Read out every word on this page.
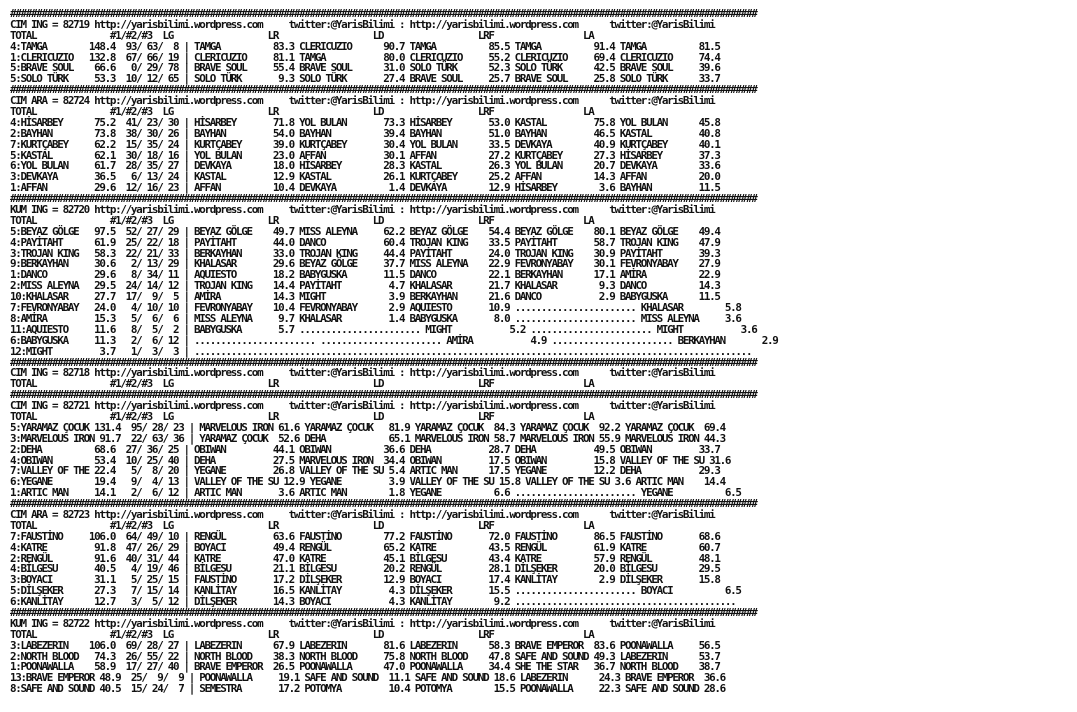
##############################################################################################################################################
CIM ING = 82719 http://yarisbilimi.wordpress.com     twitter:@YarisBilimi : http://yarisbilimi.wordpress.com      twitter:@YarisBilimi
TOTAL              #1/#2/#3  LG                  LR                  LD                  LRF                 LA
4:TAMGA        148.4  93/ 63/  8 | TAMGA          83.3 CLERICUZIO      90.7 TAMGA          85.5 TAMGA          91.4 TAMGA          81.5
1:CLERICUZIO   132.8  67/ 66/ 19 | CLERICUZIO     81.1 TAMGA           80.0 CLERICUZIO     55.2 CLERICUZIO     69.4 CLERICUZIO     74.4
5:BRAVE SOUL    66.6   0/ 29/ 78 | BRAVE SOUL     55.4 BRAVE SOUL      31.0 SOLO TÜRK      52.3 SOLO TÜRK      42.5 BRAVE SOUL     39.6
5:SOLO TÜRK     53.3  10/ 12/ 65 | SOLO TÜRK       9.3 SOLO TÜRK       27.4 BRAVE SOUL     25.7 BRAVE SOUL     25.8 SOLO TÜRK      33.7
##############################################################################################################################################
CIM ARA = 82724 http://yarisbilimi.wordpress.com     twitter:@YarisBilimi : http://yarisbilimi.wordpress.com      twitter:@YarisBilimi
TOTAL              #1/#2/#3  LG                  LR                  LD                  LRF                 LA
4:HİSARBEY      75.2  41/ 23/ 30 | HİSARBEY       71.8 YOL BULAN       73.3 HİSARBEY       53.0 KASTAL         75.8 YOL BULAN      45.8
2:BAYHAN        73.8  38/ 30/ 26 | BAYHAN         54.0 BAYHAN          39.4 BAYHAN         51.0 BAYHAN         46.5 KASTAL         40.8
7:KURTÇABEY     62.2  15/ 35/ 24 | KURTÇABEY      39.0 KURTÇABEY       30.4 YOL BULAN      33.5 DEVKAYA        40.9 KURTÇABEY      40.1
5:KASTAL        62.1  30/ 18/ 16 | YOL BULAN      23.0 AFFAN           30.1 AFFAN          27.2 KURTÇABEY      27.3 HİSARBEY       37.3
6:YOL BULAN     61.7  28/ 35/ 27 | DEVKAYA        18.0 HİSARBEY        28.3 KASTAL         26.3 YOL BULAN      20.7 DEVKAYA        33.6
3:DEVKAYA       36.5   6/ 13/ 24 | KASTAL         12.9 KASTAL          26.1 KURTÇABEY      25.2 AFFAN          14.3 AFFAN          20.0
1:AFFAN         29.6  12/ 16/ 23 | AFFAN          10.4 DEVKAYA          1.4 DEVKAYA        12.9 HİSARBEY        3.6 BAYHAN         11.5
##############################################################################################################################################
KUM ING = 82720 http://yarisbilimi.wordpress.com     twitter:@YarisBilimi : http://yarisbilimi.wordpress.com      twitter:@YarisBilimi
TOTAL              #1/#2/#3  LG                  LR                  LD                  LRF                 LA
5:BEYAZ GÖLGE   97.5  52/ 27/ 29 | BEYAZ GÖLGE    49.7 MISS ALEYNA     62.2 BEYAZ GÖLGE    54.4 BEYAZ GÖLGE    80.1 BEYAZ GÖLGE    49.4
4:PAYİTAHT      61.9  25/ 22/ 18 | PAYİTAHT       44.0 DANCO           60.4 TROJAN KING    33.5 PAYİTAHT       58.7 TROJAN KING    47.9
3:TROJAN KING   58.3  22/ 21/ 33 | BERKAYHAN      33.0 TROJAN KING     44.4 PAYİTAHT       24.0 TROJAN KING    30.9 PAYİTAHT       39.3
9:BERKAYHAN     30.6   2/ 13/ 29 | KHALASAR       29.6 BEYAZ GÖLGE     37.7 MISS ALEYNA    22.9 FEVRONYABAY    30.1 FEVRONYABAY    27.9
1:DANCO         29.6   8/ 34/ 11 | AQUIESTO       18.2 BABYGUSKA       11.5 DANCO          22.1 BERKAYHAN      17.1 AMİRA          22.9
2:MISS ALEYNA   29.5  24/ 14/ 12 | TROJAN KING    14.4 PAYİTAHT         4.7 KHALASAR       21.7 KHALASAR        9.3 DANCO          14.3
10:KHALASAR     27.7  17/  9/  5 | AMİRA          14.3 MIGHT            3.9 BERKAYHAN      21.6 DANCO           2.9 BABYGUSKA      11.5
7:FEVRONYABAY   24.0   4/ 10/ 10 | FEVRONYABAY    10.4 FEVRONYABAY      2.9 AQUIESTO       10.9 ....................... KHALASAR        5.8
8:AMİRA         15.3   5/  6/  6 | MISS ALEYNA     9.7 KHALASAR         1.4 BABYGUSKA       8.0 ....................... MISS ALEYNA     3.6
11:AQUIESTO     11.6   8/  5/  2 | BABYGUSKA       5.7 ....................... MIGHT           5.2 ....................... MIGHT           3.6
6:BABYGUSKA     11.3   2/  6/ 12 | ....................... ....................... AMİRA           4.9 ....................... BERKAYHAN       2.9
12:MIGHT         3.7   1/  3/  3 | ..........................................................................................................
##############################################################################################################################################
CIM ING = 82718 http://yarisbilimi.wordpress.com     twitter:@YarisBilimi : http://yarisbilimi.wordpress.com      twitter:@YarisBilimi
TOTAL              #1/#2/#3  LG                  LR                  LD                  LRF                 LA
##############################################################################################################################################
CIM ING = 82721 http://yarisbilimi.wordpress.com     twitter:@YarisBilimi : http://yarisbilimi.wordpress.com      twitter:@YarisBilimi
TOTAL              #1/#2/#3  LG                  LR                  LD                  LRF                 LA
5:YARAMAZ ÇOCUK 131.4  95/ 28/ 23 | MARVELOUS IRON 61.6 YARAMAZ ÇOCUK   81.9 YARAMAZ ÇOCUK  84.3 YARAMAZ ÇOCUK  92.2 YARAMAZ ÇOCUK  69.4
3:MARVELOUS IRON 91.7  22/ 63/ 36 | YARAMAZ ÇOCUK  52.6 DEHA            65.1 MARVELOUS IRON 58.7 MARVELOUS IRON 55.9 MARVELOUS IRON 44.3
2:DEHA          68.6  27/ 36/ 25 | OBIWAN         44.1 OBIWAN          36.6 DEHA           28.7 DEHA           49.5 OBIWAN         33.7
4:OBIWAN        53.4  10/ 25/ 40 | DEHA           27.5 MARVELOUS IRON  34.4 OBIWAN         17.5 OBIWAN         15.8 VALLEY OF THE SU 31.6
7:VALLEY OF THE 22.4   5/  8/ 20 | YEGANE         26.8 VALLEY OF THE SU 5.4 ARTIC MAN      17.5 YEGANE         12.2 DEHA           29.3
6:YEGANE        19.4   9/  4/ 13 | VALLEY OF THE SU 12.9 YEGANE         3.9 VALLEY OF THE SU 15.8 VALLEY OF THE SU 3.6 ARTIC MAN    14.4
1:ARTIC MAN     14.1   2/  6/ 12 | ARTIC MAN       3.6 ARTIC MAN        1.8 YEGANE          6.6 ....................... YEGANE          6.5
##############################################################################################################################################
CIM ARA = 82723 http://yarisbilimi.wordpress.com     twitter:@YarisBilimi : http://yarisbilimi.wordpress.com      twitter:@YarisBilimi
TOTAL              #1/#2/#3  LG                  LR                  LD                  LRF                 LA
7:FAUSTİNO     106.0  64/ 49/ 10 | RENGÜL         63.6 FAUSTİNO        77.2 FAUSTİNO       72.0 FAUSTİNO       86.5 FAUSTİNO       68.6
4:KATRE         91.8  47/ 26/ 29 | BOYACI         49.4 RENGÜL          65.2 KATRE          43.5 RENGÜL         61.9 KATRE          60.7
2:RENGÜL        91.6  40/ 31/ 44 | KATRE          47.0 KATRE           45.1 BİLGESU        43.4 KATRE          57.9 RENGÜL         48.1
4:BİLGESU       40.5   4/ 19/ 46 | BİLGESU        21.1 BİLGESU         20.2 RENGÜL         28.1 DİLŞEKER       20.0 BİLGESU        29.5
3:BOYACI        31.1   5/ 25/ 15 | FAUSTİNO       17.2 DİLŞEKER        12.9 BOYACI         17.4 KANLİTAY        2.9 DİLŞEKER       15.8
5:DİLŞEKER      27.3   7/ 15/ 14 | KANLİTAY       16.5 KANLİTAY         4.3 DİLŞEKER       15.5 ....................... BOYACI          6.5
6:KANLİTAY      12.7   3/  5/ 12 | DİLŞEKER       14.3 BOYACI           4.3 KANLİTAY        9.2 ..........................................
##############################################################################################################################################
KUM ING = 82722 http://yarisbilimi.wordpress.com     twitter:@YarisBilimi : http://yarisbilimi.wordpress.com      twitter:@YarisBilimi
TOTAL              #1/#2/#3  LG                  LR                  LD                  LRF                 LA
3:LABEZERIN    106.0  69/ 28/ 27 | LABEZERIN      67.9 LABEZERIN       81.6 LABEZERIN      58.3 BRAVE EMPEROR  83.6 POONAWALLA     56.5
2:NORTH BLOOD   74.3  26/ 55/ 22 | NORTH BLOOD    38.3 NORTH BLOOD     75.8 NORTH BLOOD    47.8 SAFE AND SOUND 49.3 LABEZERIN      53.7
1:POONAWALLA    58.9  17/ 27/ 40 | BRAVE EMPEROR  26.5 POONAWALLA      47.0 POONAWALLA     34.4 SHE THE STAR   36.7 NORTH BLOOD    38.7
13:BRAVE EMPEROR 48.9  25/  9/  9 | POONAWALLA     19.1 SAFE AND SOUND  11.1 SAFE AND SOUND 18.6 LABEZERIN      24.3 BRAVE EMPEROR  36.6
8:SAFE AND SOUND 40.5  15/ 24/  7 | SEMESTRA       17.2 POTOMYA         10.4 POTOMYA        15.5 POONAWALLA     22.3 SAFE AND SOUND 28.6
